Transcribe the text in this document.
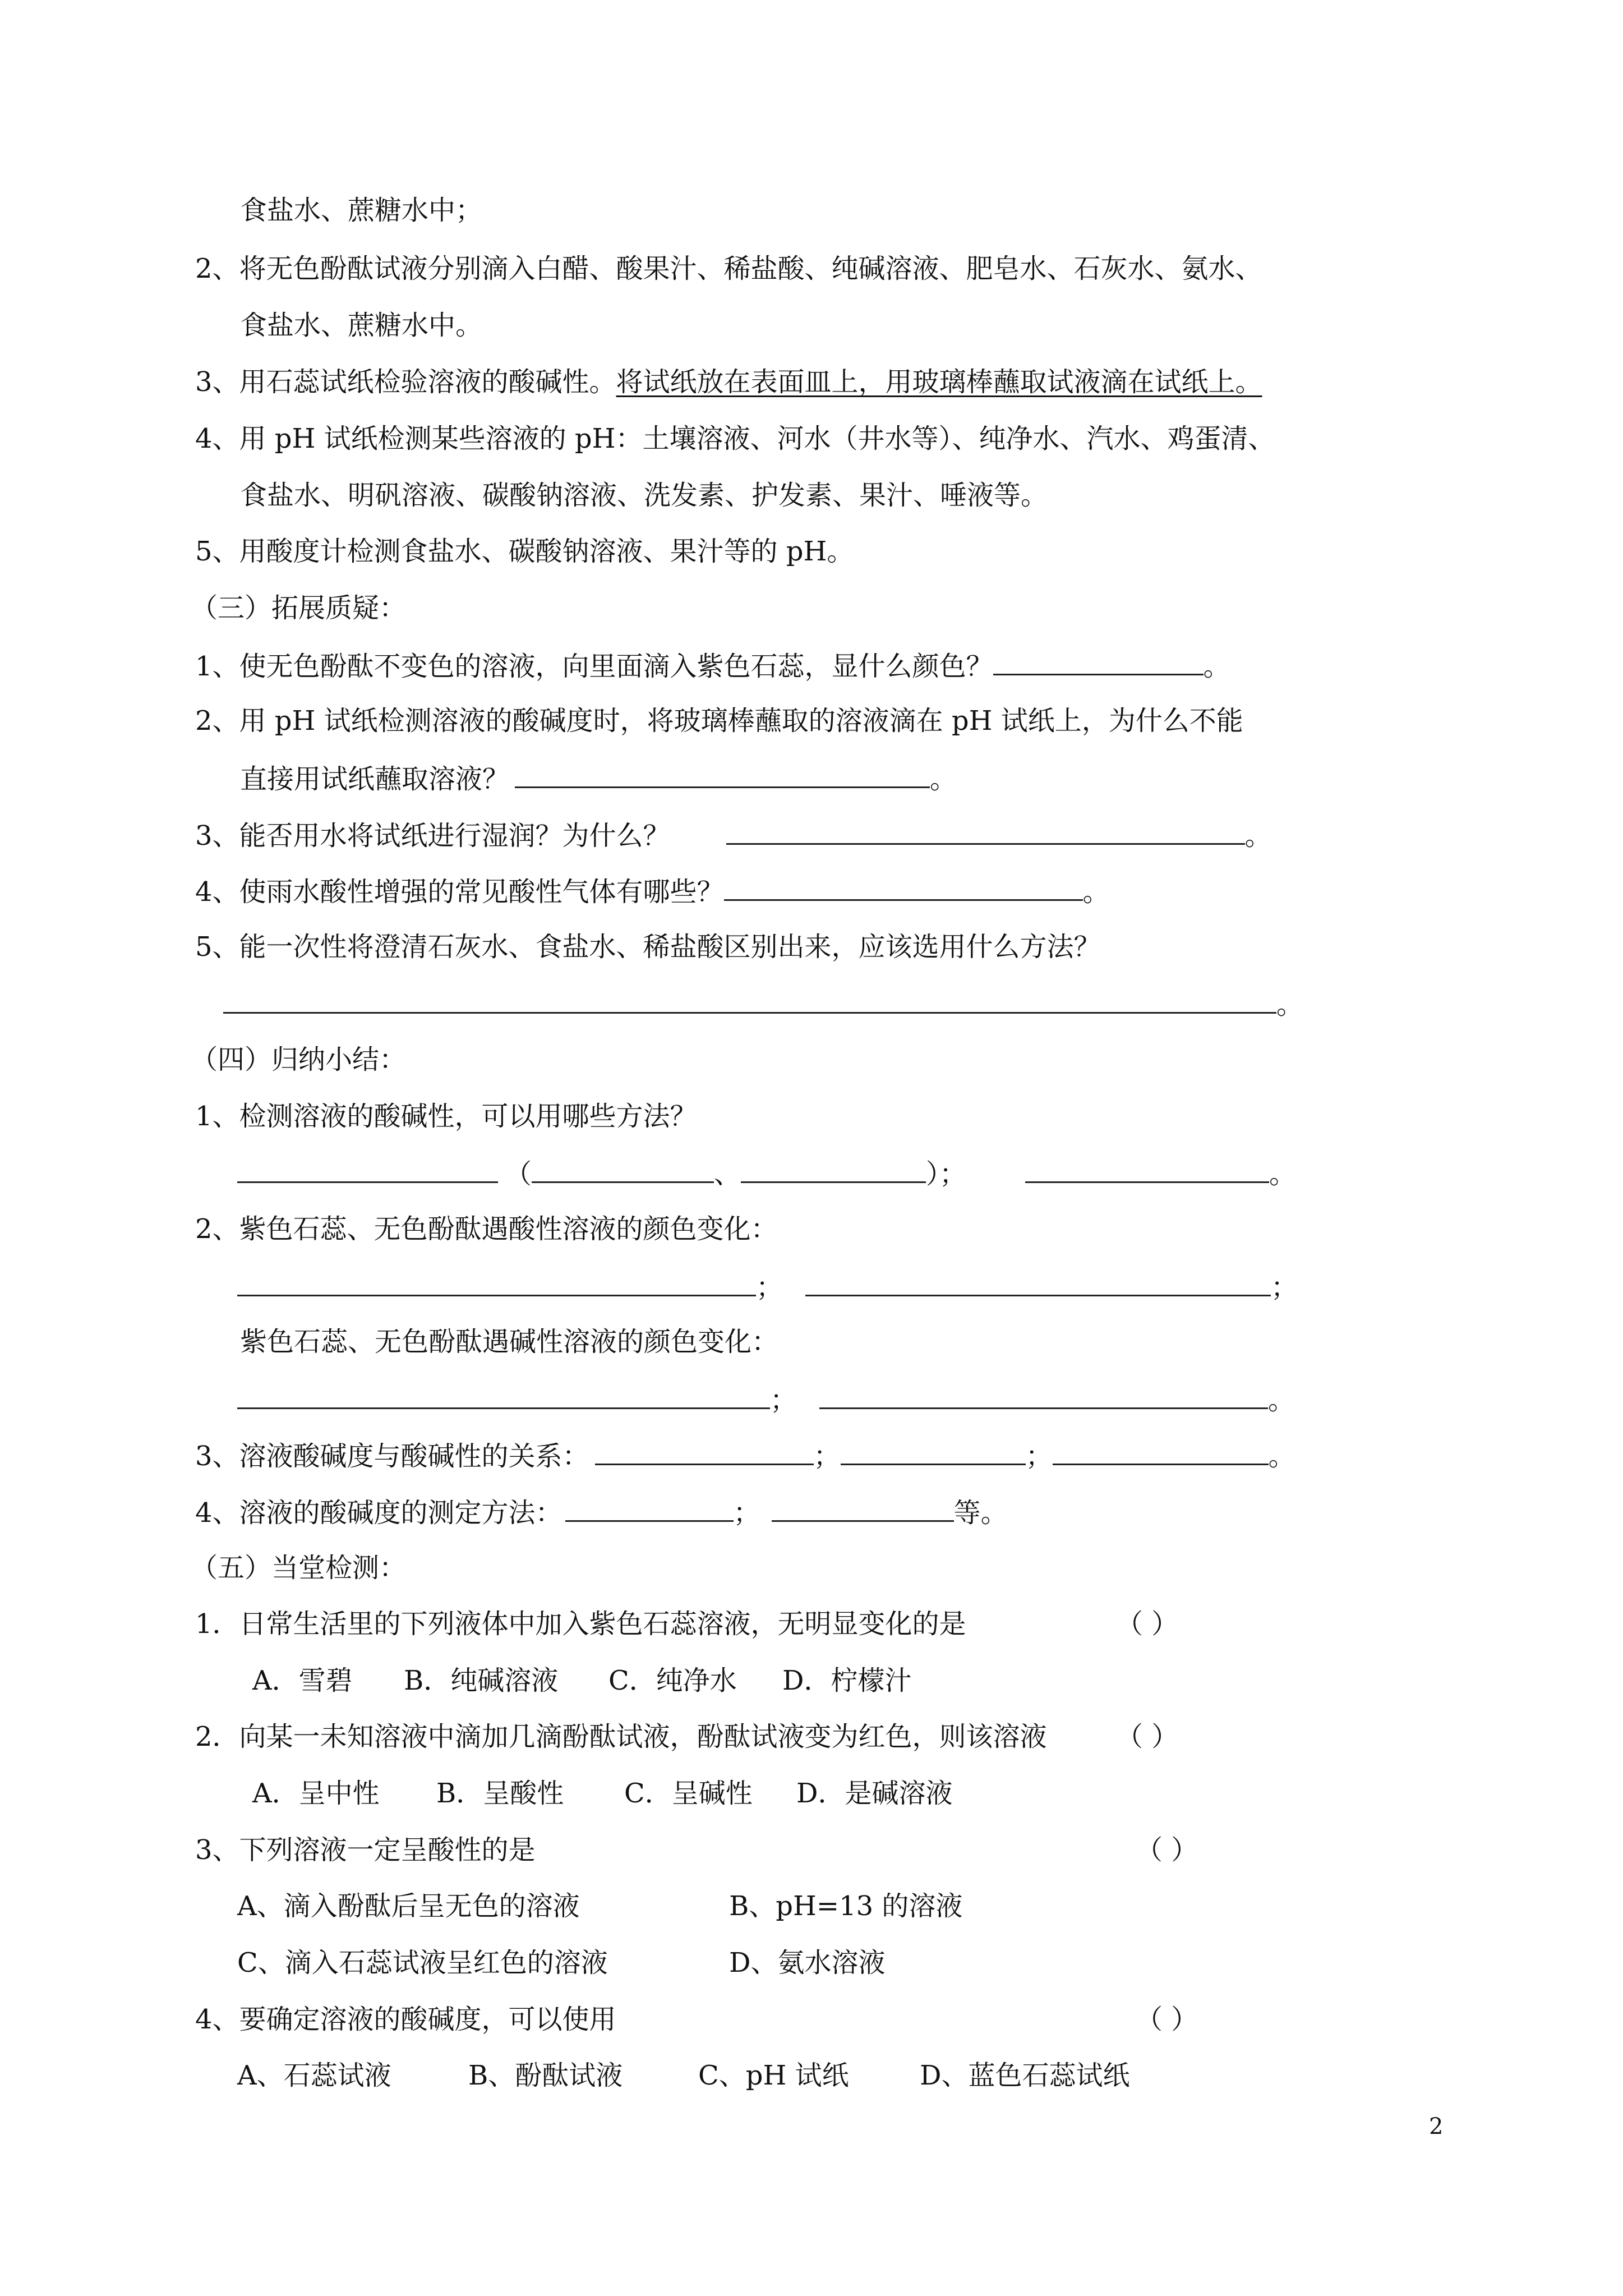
食盐水、蔗糖水中；
2、将无色酚酞试液分别滴入白醋、酸果汁、稀盐酸、纯碱溶液、肥皂水、石灰水、氨水、
食盐水、蔗糖水中。
3、用石蕊试纸检验溶液的酸碱性。将试纸放在表面皿上，用玻璃棒蘸取试液滴在试纸上。
4、用 pH 试纸检测某些溶液的 pH：土壤溶液、河水（井水等）、纯净水、汽水、鸡蛋清、
食盐水、明矾溶液、碳酸钠溶液、洗发素、护发素、果汁、唾液等。
5、用酸度计检测食盐水、碳酸钠溶液、果汁等的 pH。
（三）拓展质疑：
1、使无色酚酞不变色的溶液，向里面滴入紫色石蕊，显什么颜色？	。
2、用 pH 试纸检测溶液的酸碱度时，将玻璃棒蘸取的溶液滴在 pH 试纸上，为什么不能
直接用试纸蘸取溶液？	。
3、能否用水将试纸进行湿润？为什么？	。
4、使雨水酸性增强的常见酸性气体有哪些？	。
5、能一次性将澄清石灰水、食盐水、稀盐酸区别出来，应该选用什么方法？
。
（四）归纳小结：
1、检测溶液的酸碱性，可以用哪些方法？
（	、	）；	。
2、紫色石蕊、无色酚酞遇酸性溶液的颜色变化：
；	；
紫色石蕊、无色酚酞遇碱性溶液的颜色变化：
；	。
3、溶液酸碱度与酸碱性的关系：	；	；	。
4、溶液的酸碱度的测定方法：	；	等。
（五）当堂检测：
1．日常生活里的下列液体中加入紫色石蕊溶液，无明显变化的是	（ ）
A．雪碧 B．纯碱溶液 C．纯净水 D．柠檬汁
2．向某一未知溶液中滴加几滴酚酞试液，酚酞试液变为红色，则该溶液	（ ）
A．呈中性 B．呈酸性 C．呈碱性 D．是碱溶液
3、下列溶液一定呈酸性的是	（ ）
A、滴入酚酞后呈无色的溶液	B、pH=13 的溶液
C、滴入石蕊试液呈红色的溶液	D、氨水溶液
4、要确定溶液的酸碱度，可以使用	（ ）
A、石蕊试液	B、酚酞试液	C、pH 试纸	D、蓝色石蕊试纸
2
